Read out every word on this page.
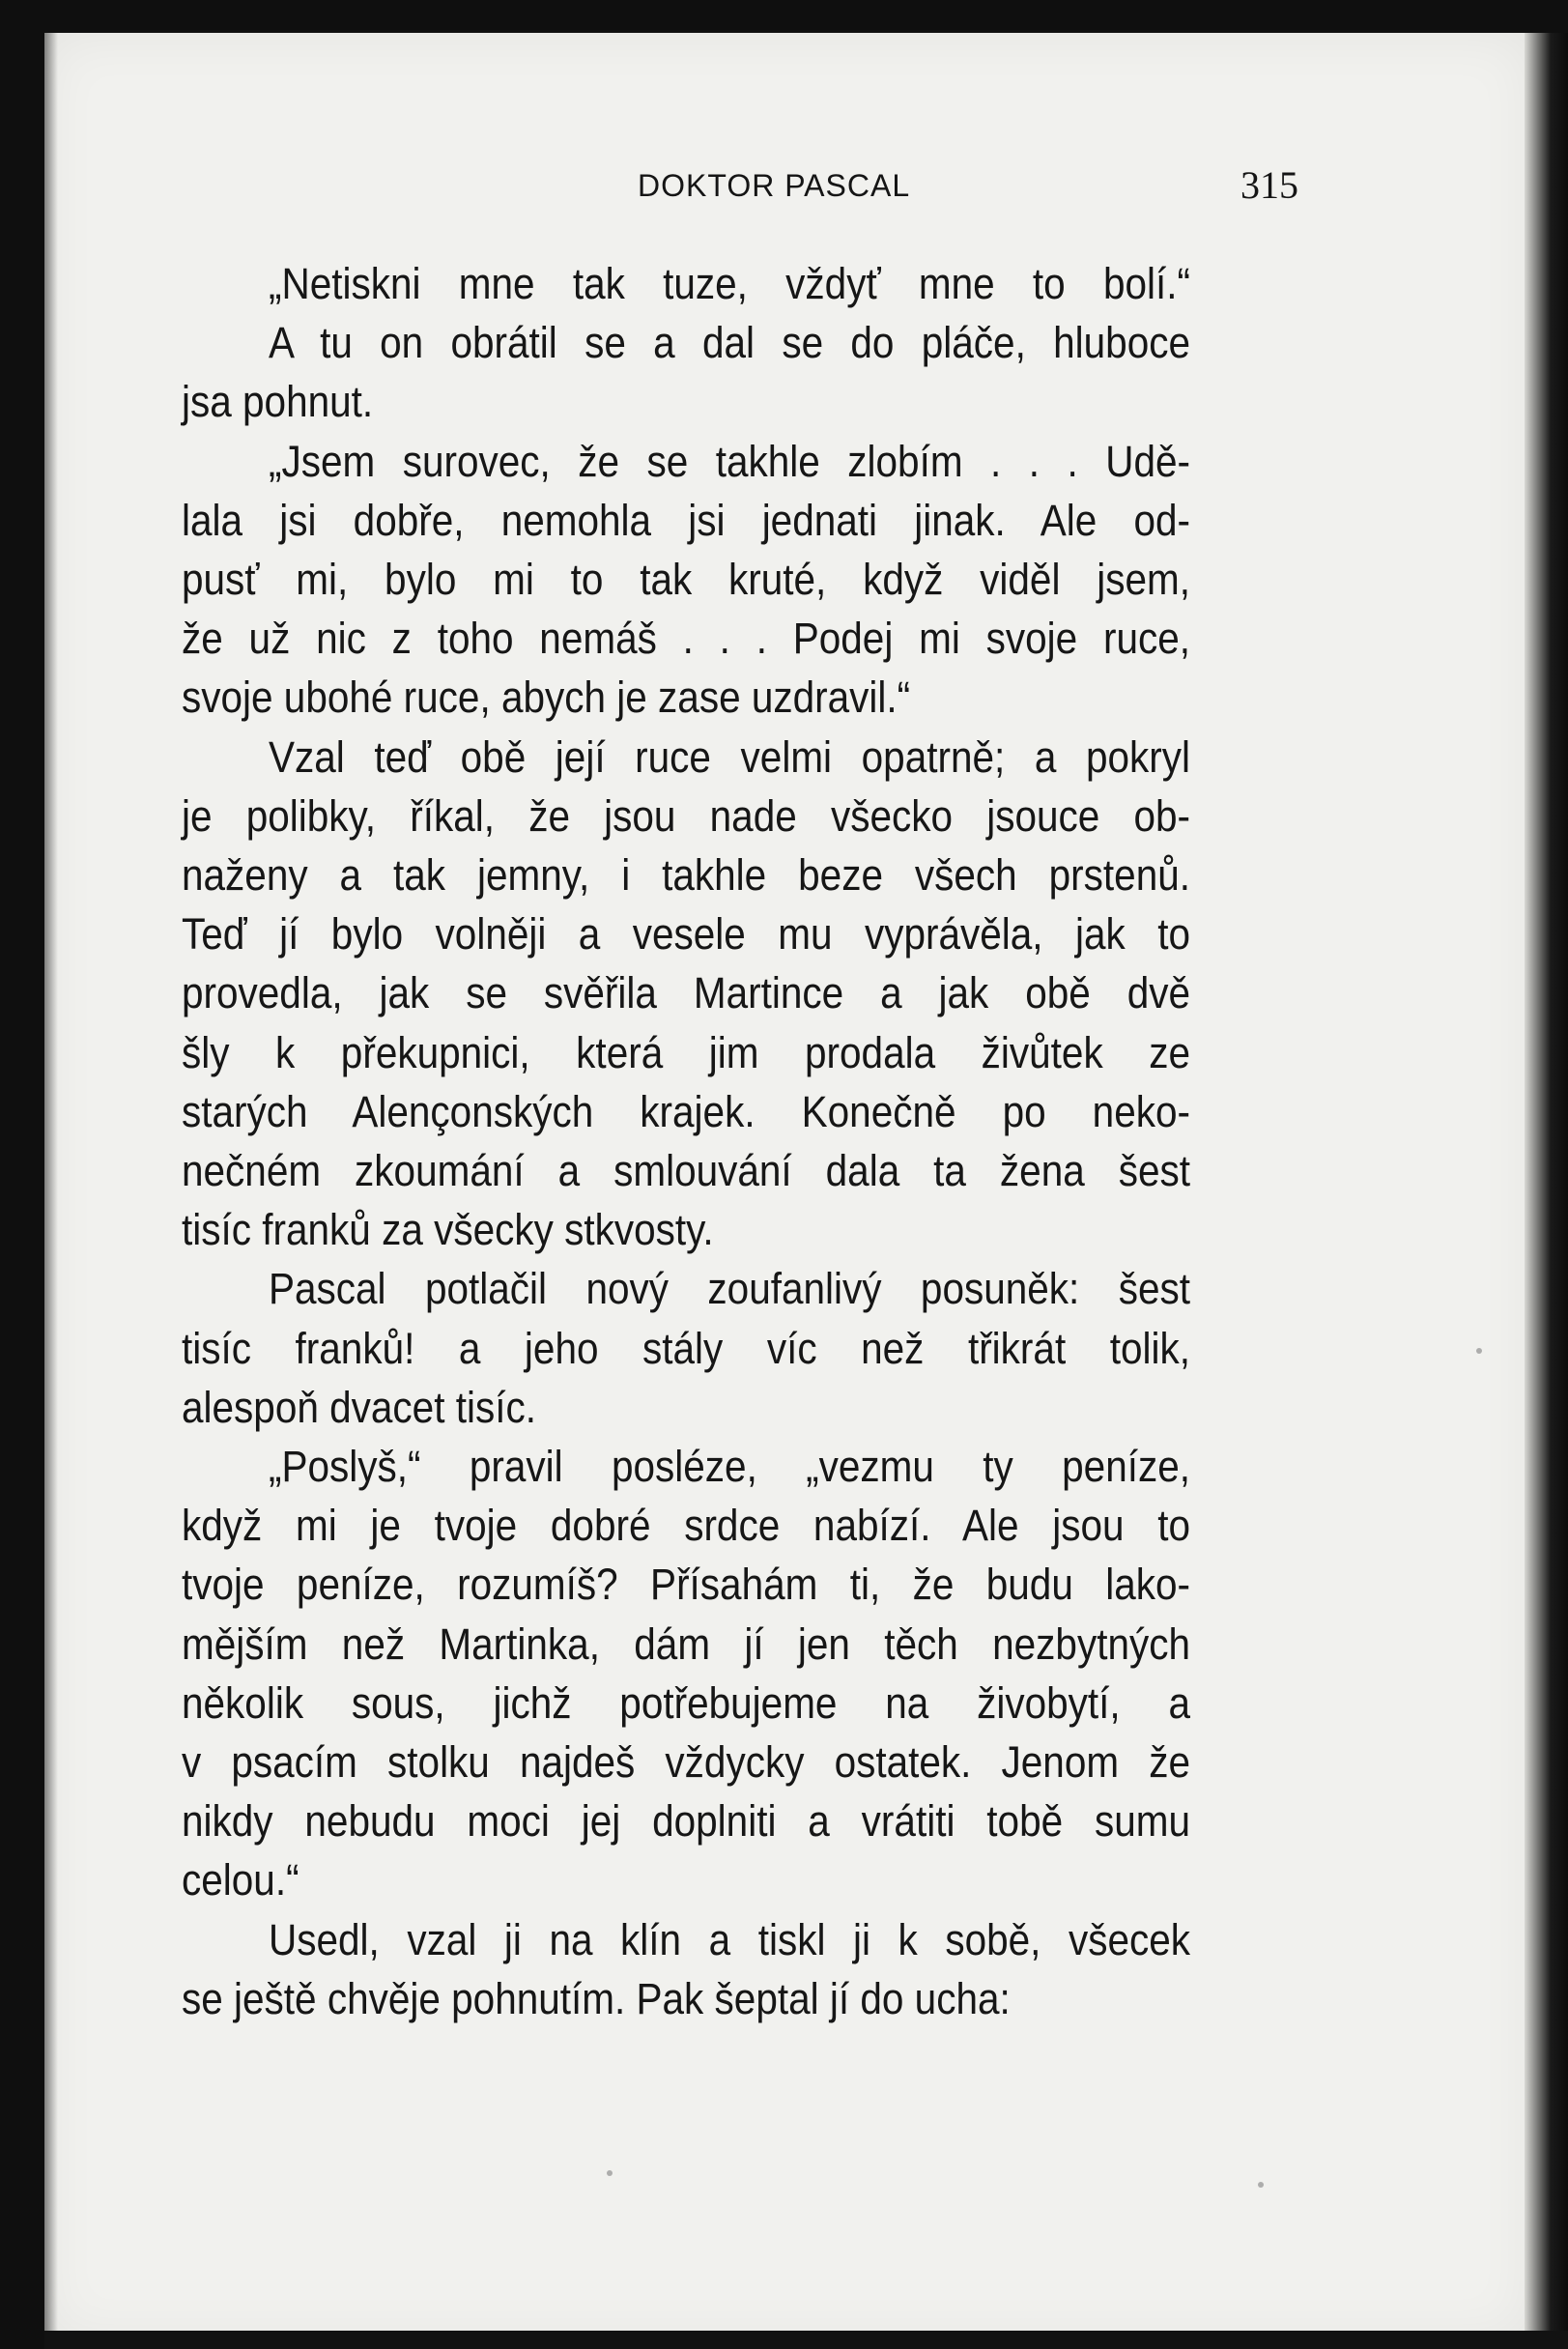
DOKTOR PASCAL	315
„Netiskni mne tak tuze, vždyť mne to bolí.“
A tu on obrátil se a dal se do pláče, hluboce
jsa pohnut.
„Jsem surovec, že se takhle zlobím . . . Udě-
lala jsi dobře, nemohla jsi jednati jinak. Ale od-
pusť mi, bylo mi to tak kruté, když viděl jsem,
že už nic z toho nemáš . . . Podej mi svoje ruce,
svoje ubohé ruce, abych je zase uzdravil.“
Vzal teď obě její ruce velmi opatrně; a pokryl
je polibky, říkal, že jsou nade všecko jsouce ob-
naženy a tak jemny, i takhle beze všech prstenů.
Teď jí bylo volněji a vesele mu vyprávěla, jak to
provedla, jak se svěřila Martince a jak obě dvě
šly k překupnici, která jim prodala živůtek ze
starých Alençonských krajek. Konečně po neko-
nečném zkoumání a smlouvání dala ta žena šest
tisíc franků za všecky stkvosty.
Pascal potlačil nový zoufanlivý posuněk: šest
tisíc franků! a jeho stály víc než třikrát tolik,
alespoň dvacet tisíc.
„Poslyš,“ pravil posléze, „vezmu ty peníze,
když mi je tvoje dobré srdce nabízí. Ale jsou to
tvoje peníze, rozumíš? Přísahám ti, že budu lako-
mějším než Martinka, dám jí jen těch nezbytných
několik sous, jichž potřebujeme na živobytí, a
v psacím stolku najdeš vždycky ostatek. Jenom že
nikdy nebudu moci jej doplniti a vrátiti tobě sumu
celou.“
Usedl, vzal ji na klín a tiskl ji k sobě, všecek
se ještě chvěje pohnutím. Pak šeptal jí do ucha:
